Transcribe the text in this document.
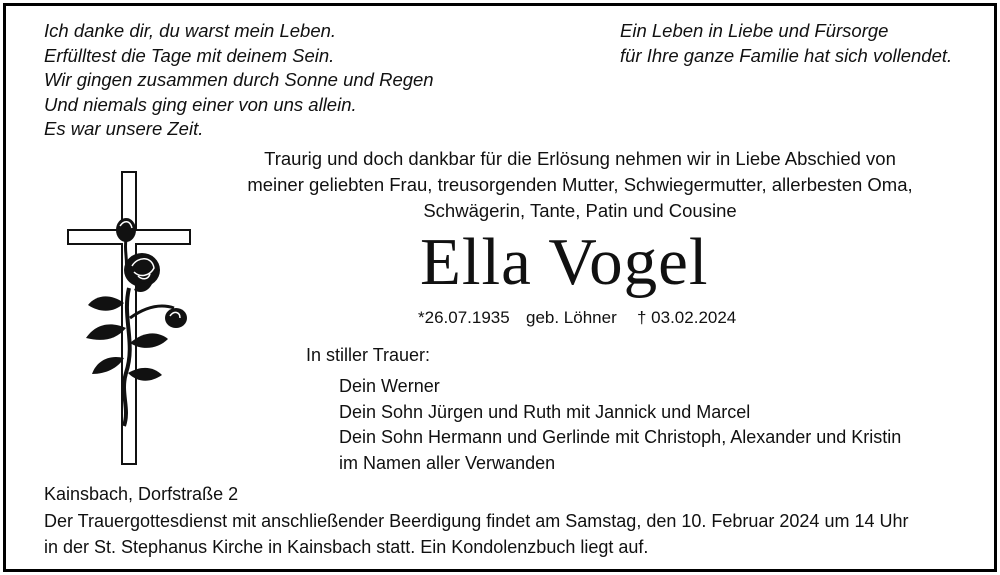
Ich danke dir, du warst mein Leben.
Erfülltest die Tage mit deinem Sein.
Wir gingen zusammen durch Sonne und Regen
Und niemals ging einer von uns allein.
Es war unsere Zeit.
Ein Leben in Liebe und Fürsorge
für Ihre ganze Familie hat sich vollendet.
Traurig und doch dankbar für die Erlösung nehmen wir in Liebe Abschied von
meiner geliebten Frau, treusorgenden Mutter, Schwiegermutter, allerbesten Oma,
Schwägerin, Tante, Patin und Cousine
Ella Vogel
*26.07.1935 geb. Löhner † 03.02.2024
In stiller Trauer:
Dein Werner
Dein Sohn Jürgen und Ruth mit Jannick und Marcel
Dein Sohn Hermann und Gerlinde mit Christoph, Alexander und Kristin
im Namen aller Verwanden
Kainsbach, Dorfstraße 2
Der Trauergottesdienst mit anschließender Beerdigung findet am Samstag, den 10. Februar 2024 um 14 Uhr
in der St. Stephanus Kirche in Kainsbach statt. Ein Kondolenzbuch liegt auf.
